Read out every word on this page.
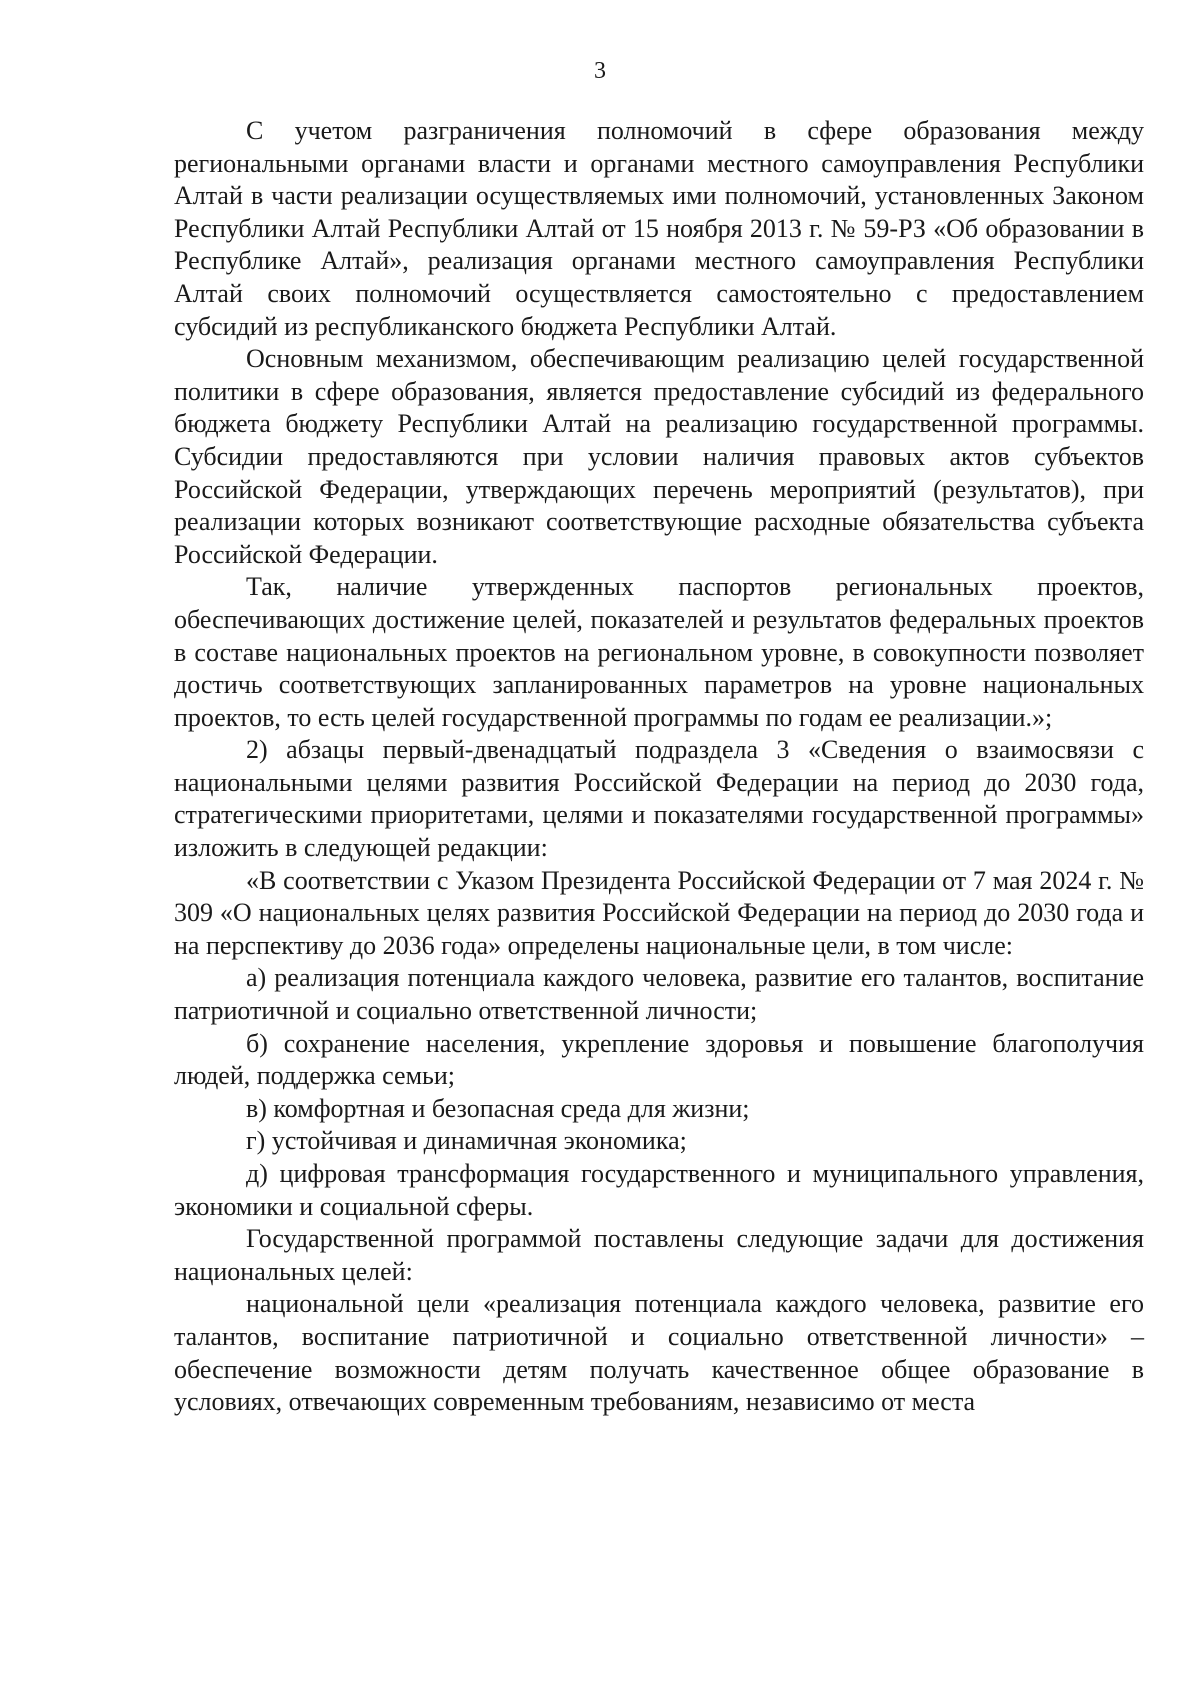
3

С учетом разграничения полномочий в сфере образования между региональными органами власти и органами местного самоуправления Республики Алтай в части реализации осуществляемых ими полномочий, установленных Законом Республики Алтай Республики Алтай от 15 ноября 2013 г. № 59-РЗ «Об образовании в Республике Алтай», реализация органами местного самоуправления Республики Алтай своих полномочий осуществляется самостоятельно с предоставлением субсидий из республиканского бюджета Республики Алтай.

Основным механизмом, обеспечивающим реализацию целей государственной политики в сфере образования, является предоставление субсидий из федерального бюджета бюджету Республики Алтай на реализацию государственной программы. Субсидии предоставляются при условии наличия правовых актов субъектов Российской Федерации, утверждающих перечень мероприятий (результатов), при реализации которых возникают соответствующие расходные обязательства субъекта Российской Федерации.

Так, наличие утвержденных паспортов региональных проектов, обеспечивающих достижение целей, показателей и результатов федеральных проектов в составе национальных проектов на региональном уровне, в совокупности позволяет достичь соответствующих запланированных параметров на уровне национальных проектов, то есть целей государственной программы по годам ее реализации.»;

2) абзацы первый-двенадцатый подраздела 3 «Сведения о взаимосвязи с национальными целями развития Российской Федерации на период до 2030 года, стратегическими приоритетами, целями и показателями государственной программы» изложить в следующей редакции:

«В соответствии с Указом Президента Российской Федерации от 7 мая 2024 г. № 309 «О национальных целях развития Российской Федерации на период до 2030 года и на перспективу до 2036 года» определены национальные цели, в том числе:

а) реализация потенциала каждого человека, развитие его талантов, воспитание патриотичной и социально ответственной личности;

б) сохранение населения, укрепление здоровья и повышение благополучия людей, поддержка семьи;

в) комфортная и безопасная среда для жизни;

г) устойчивая и динамичная экономика;

д) цифровая трансформация государственного и муниципального управления, экономики и социальной сферы.

Государственной программой поставлены следующие задачи для достижения национальных целей:

национальной цели «реализация потенциала каждого человека, развитие его талантов, воспитание патриотичной и социально ответственной личности» – обеспечение возможности детям получать качественное общее образование в условиях, отвечающих современным требованиям, независимо от места
